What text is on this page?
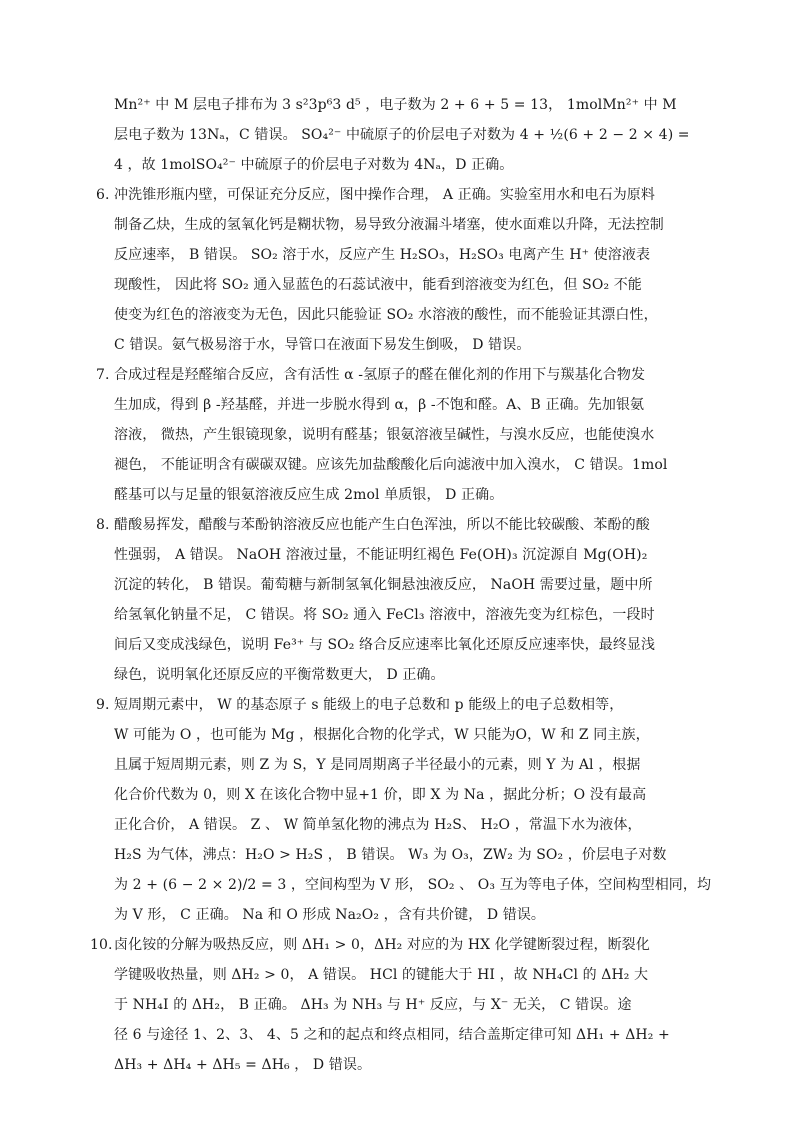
Mn²⁺ 中 M 层电子排布为 3 s²3p⁶3 d⁵ ，电子数为 2 + 6 + 5 = 13， 1molMn²⁺ 中 M
层电子数为 13Nₐ，C 错误。 SO₄²⁻ 中硫原子的价层电子对数为 4 + ½(6 + 2 − 2 × 4) =
4 ，故 1molSO₄²⁻ 中硫原子的价层电子对数为 4Nₐ，D 正确。
6. 冲洗锥形瓶内壁，可保证充分反应，图中操作合理， A 正确。实验室用水和电石为原料
制备乙炔，生成的氢氧化钙是糊状物，易导致分液漏斗堵塞，使水面难以升降，无法控制
反应速率， B 错误。 SO₂ 溶于水，反应产生 H₂SO₃，H₂SO₃ 电离产生 H⁺ 使溶液表
现酸性， 因此将 SO₂ 通入显蓝色的石蕊试液中，能看到溶液变为红色，但 SO₂ 不能
使变为红色的溶液变为无色，因此只能验证 SO₂ 水溶液的酸性，而不能验证其漂白性，
C 错误。氨气极易溶于水，导管口在液面下易发生倒吸， D 错误。
7. 合成过程是羟醛缩合反应，含有活性 α -氢原子的醛在催化剂的作用下与羰基化合物发
生加成，得到 β -羟基醛，并进一步脱水得到 α，β -不饱和醛。A、B 正确。先加银氨
溶液， 微热，产生银镜现象，说明有醛基；银氨溶液呈碱性，与溴水反应，也能使溴水
褪色， 不能证明含有碳碳双键。应该先加盐酸酸化后向滤液中加入溴水， C 错误。1mol
醛基可以与足量的银氨溶液反应生成 2mol 单质银， D 正确。
8. 醋酸易挥发，醋酸与苯酚钠溶液反应也能产生白色浑浊，所以不能比较碳酸、苯酚的酸
性强弱， A 错误。 NaOH 溶液过量，不能证明红褐色 Fe(OH)₃ 沉淀源自 Mg(OH)₂
沉淀的转化， B 错误。葡萄糖与新制氢氧化铜悬浊液反应， NaOH 需要过量，题中所
给氢氧化钠量不足， C 错误。将 SO₂ 通入 FeCl₃ 溶液中，溶液先变为红棕色，一段时
间后又变成浅绿色，说明 Fe³⁺ 与 SO₂ 络合反应速率比氧化还原反应速率快，最终显浅
绿色，说明氧化还原反应的平衡常数更大， D 正确。
9. 短周期元素中， W 的基态原子 s 能级上的电子总数和 p 能级上的电子总数相等，
W 可能为 O ，也可能为 Mg ，根据化合物的化学式，W 只能为O，W 和 Z 同主族，
且属于短周期元素，则 Z 为 S，Y 是同周期离子半径最小的元素，则 Y 为 Al ，根据
化合价代数为 0，则 X 在该化合物中显+1 价，即 X 为 Na ，据此分析；O 没有最高
正化合价， A 错误。 Z 、 W 简单氢化物的沸点为 H₂S、 H₂O ，常温下水为液体，
H₂S 为气体，沸点：H₂O > H₂S ， B 错误。 W₃ 为 O₃，ZW₂ 为 SO₂ ，价层电子对数
为 2 + (6 − 2 × 2)/2 = 3 ，空间构型为 V 形， SO₂ 、 O₃ 互为等电子体，空间构型相同，均
为 V 形， C 正确。 Na 和 O 形成 Na₂O₂ ，含有共价键， D 错误。
10.卤化铵的分解为吸热反应，则 ΔH₁ > 0，ΔH₂ 对应的为 HX 化学键断裂过程，断裂化
学键吸收热量，则 ΔH₂ > 0， A 错误。 HCl 的键能大于 HI ，故 NH₄Cl 的 ΔH₂ 大
于 NH₄I 的 ΔH₂， B 正确。 ΔH₃ 为 NH₃ 与 H⁺ 反应，与 X⁻ 无关， C 错误。途
径 6 与途径 1、2、3、 4、5 之和的起点和终点相同，结合盖斯定律可知 ΔH₁ + ΔH₂ +
ΔH₃ + ΔH₄ + ΔH₅ = ΔH₆ ， D 错误。
